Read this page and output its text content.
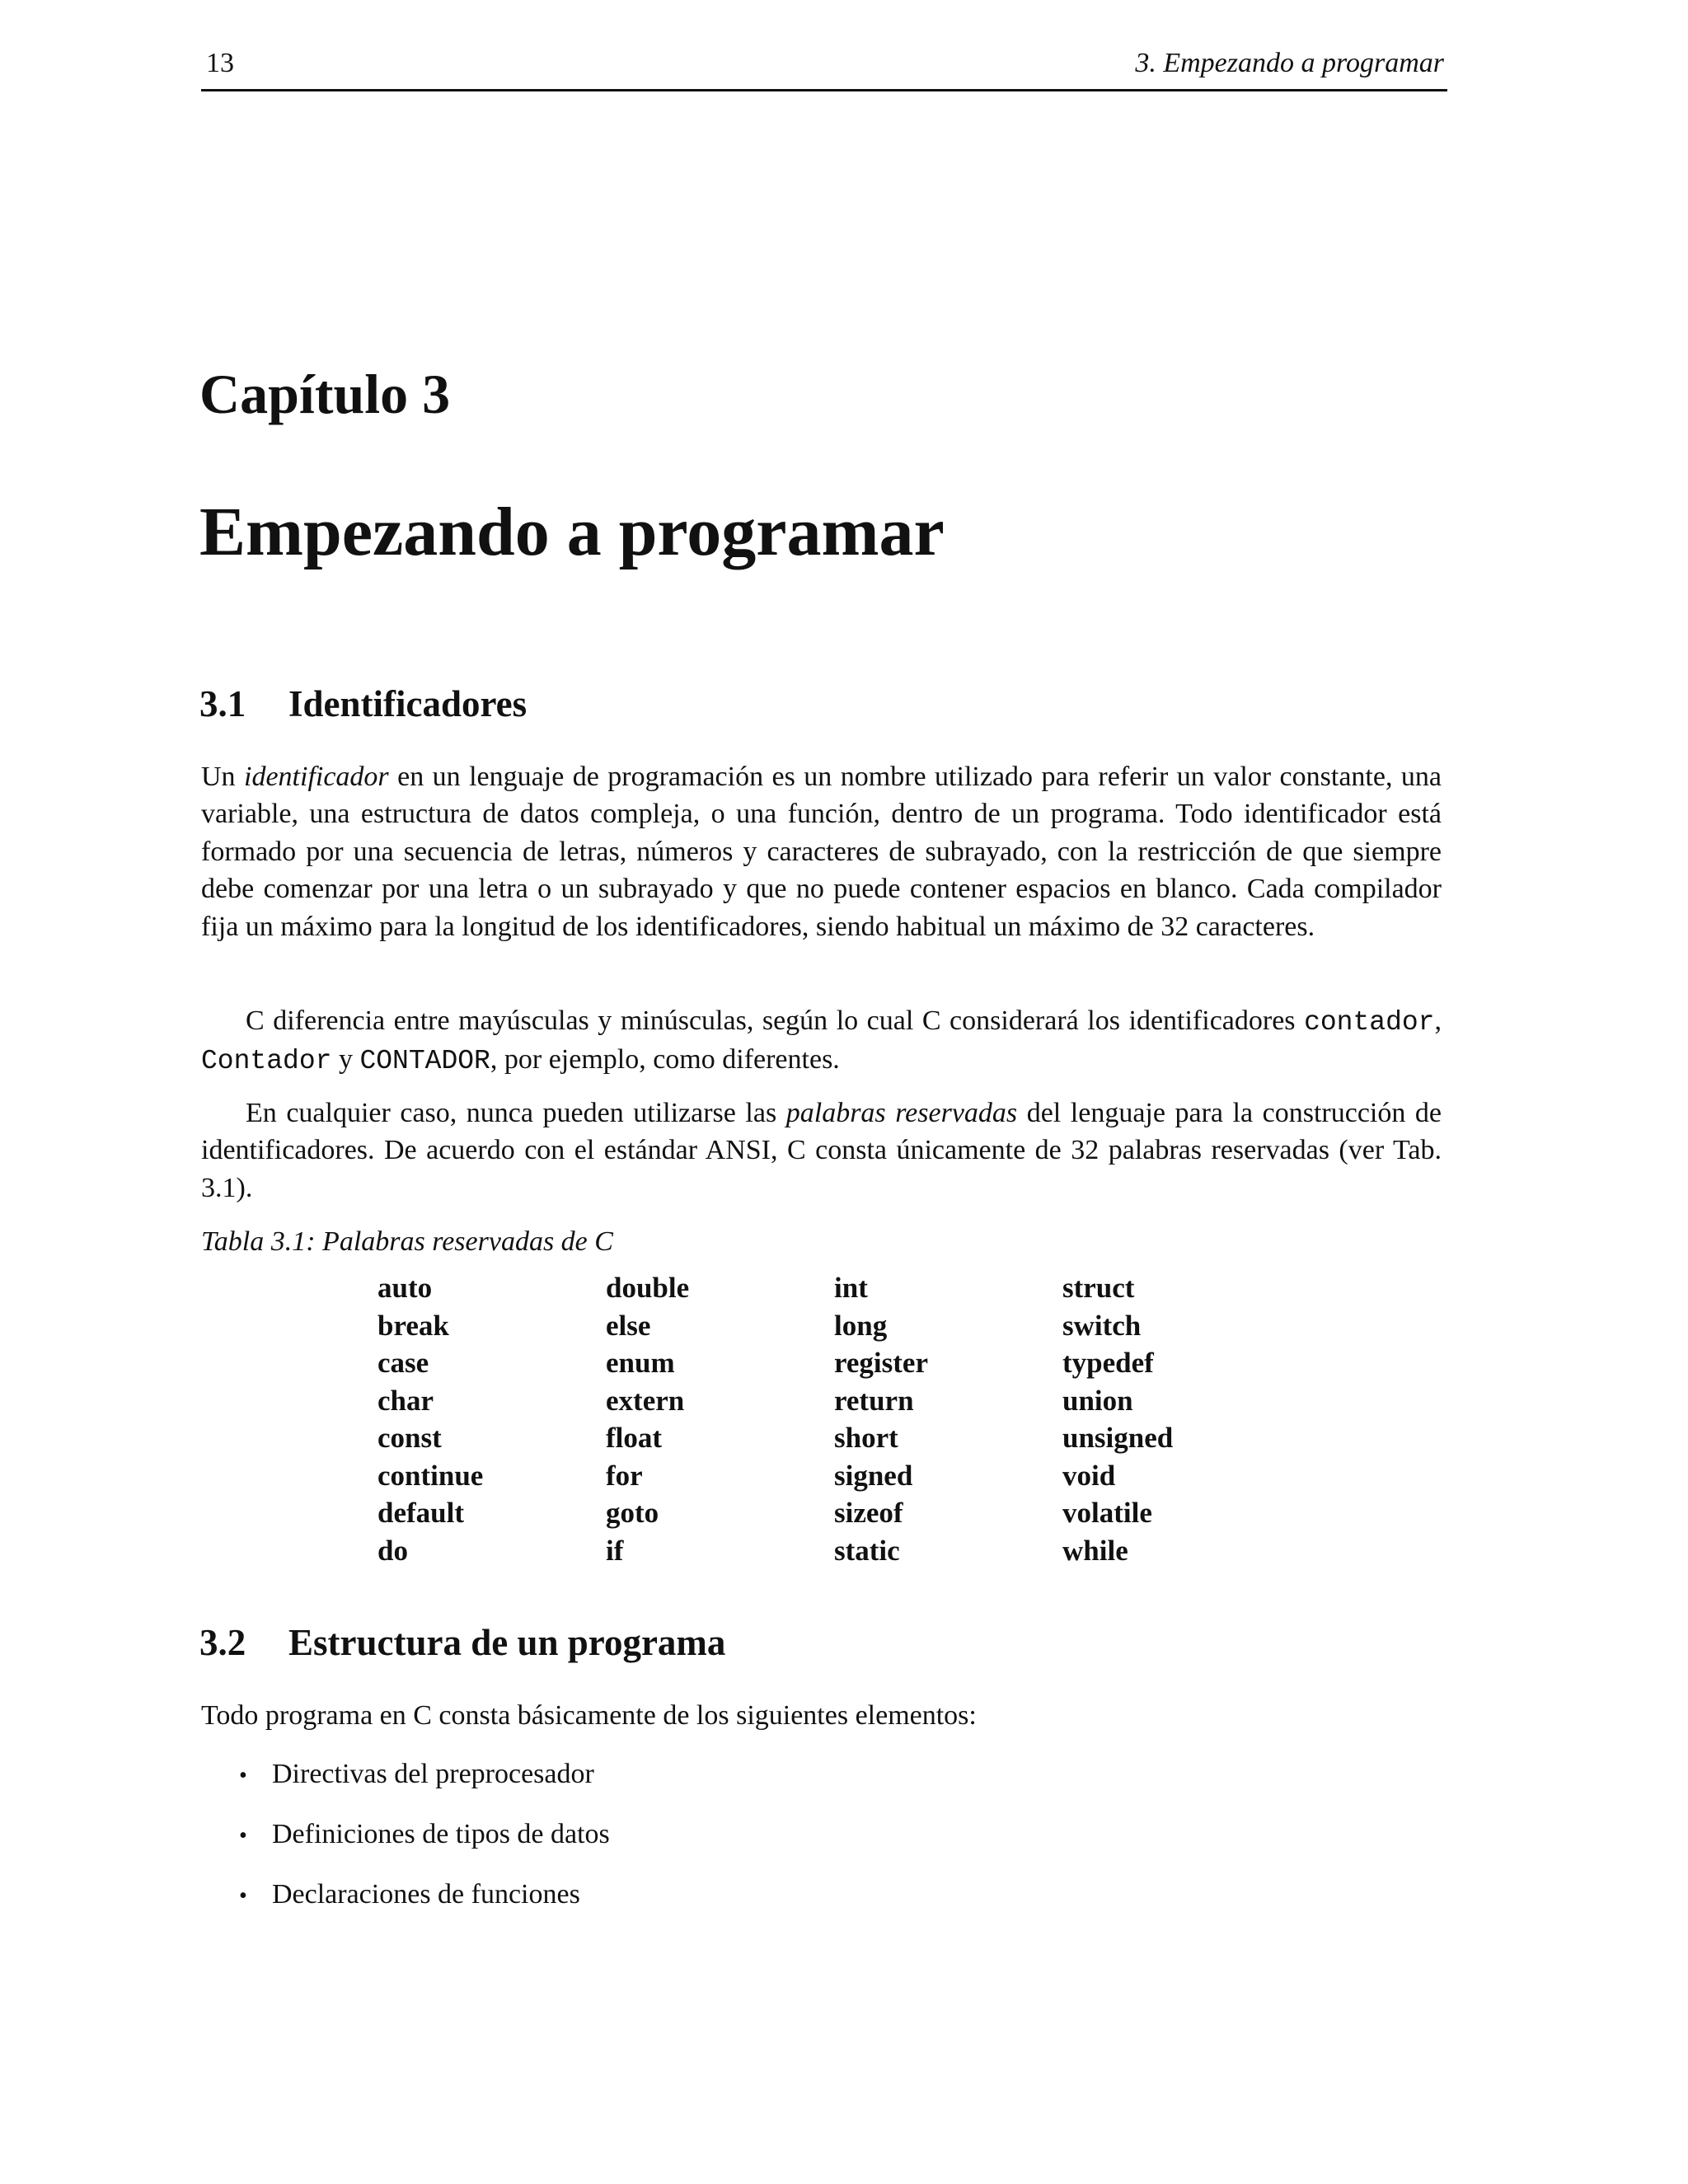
13	3. Empezando a programar
Capítulo 3
Empezando a programar
3.1 Identificadores

Un identificador en un lenguaje de programación es un nombre utilizado para referir un valor constante, una variable, una estructura de datos compleja, o una función, dentro de un programa. Todo identificador está formado por una secuencia de letras, números y caracteres de subrayado, con la restricción de que siempre debe comenzar por una letra o un subrayado y que no puede contener espacios en blanco. Cada compilador fija un máximo para la longitud de los identificadores, siendo habitual un máximo de 32 caracteres.

C diferencia entre mayúsculas y minúsculas, según lo cual C considerará los identificadores contador, Contador y CONTADOR, por ejemplo, como diferentes.

En cualquier caso, nunca pueden utilizarse las palabras reservadas del lenguaje para la construcción de identificadores. De acuerdo con el estándar ANSI, C consta únicamente de 32 palabras reservadas (ver Tab. 3.1).

Tabla 3.1: Palabras reservadas de C

auto	double	int	struct
break	else	long	switch
case	enum	register	typedef
char	extern	return	union
const	float	short	unsigned
continue	for	signed	void
default	goto	sizeof	volatile
do	if	static	while
3.2 Estructura de un programa

Todo programa en C consta básicamente de los siguientes elementos:

• Directivas del preprocesador
• Definiciones de tipos de datos
• Declaraciones de funciones
